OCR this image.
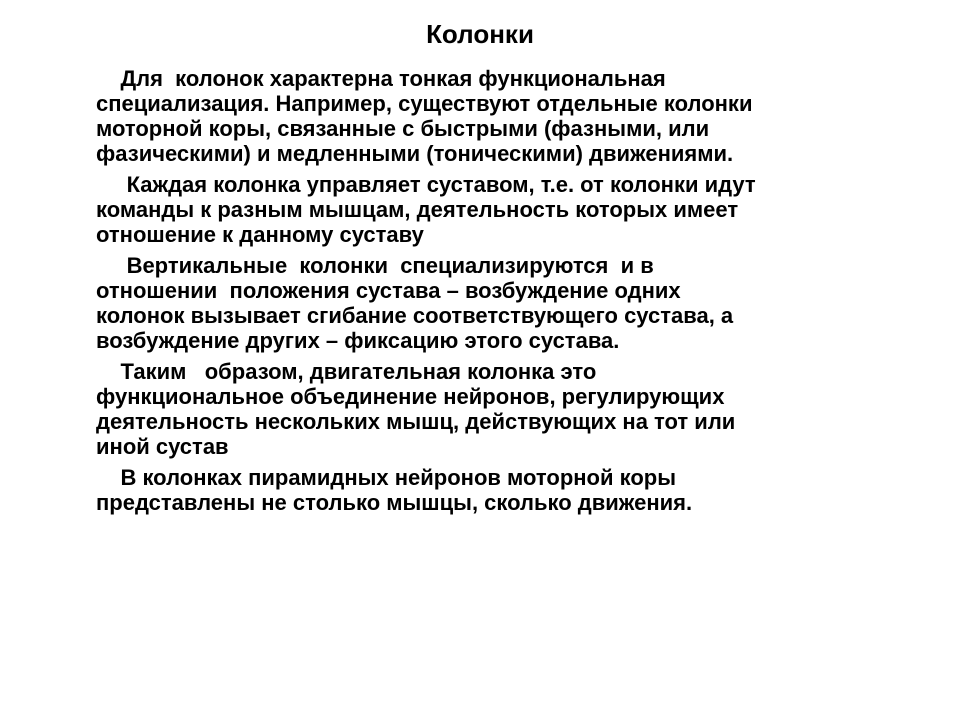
Колонки

Для  колонок характерна тонкая функциональная
специализация. Например, существуют отдельные колонки
моторной коры, связанные с быстрыми (фазными, или
фазическими) и медленными (тоническими) движениями.

Каждая колонка управляет суставом, т.е. от колонки идут
команды к разным мышцам, деятельность которых имеет
отношение к данному суставу

Вертикальные  колонки  специализируются  и в
отношении  положения сустава – возбуждение одних
колонок вызывает сгибание соответствующего сустава, а
возбуждение других – фиксацию этого сустава.

Таким   образом, двигательная колонка это
функциональное объединение нейронов, регулирующих
деятельность нескольких мышц, действующих на тот или
иной сустав

В колонках пирамидных нейронов моторной коры
представлены не столько мышцы, сколько движения.
